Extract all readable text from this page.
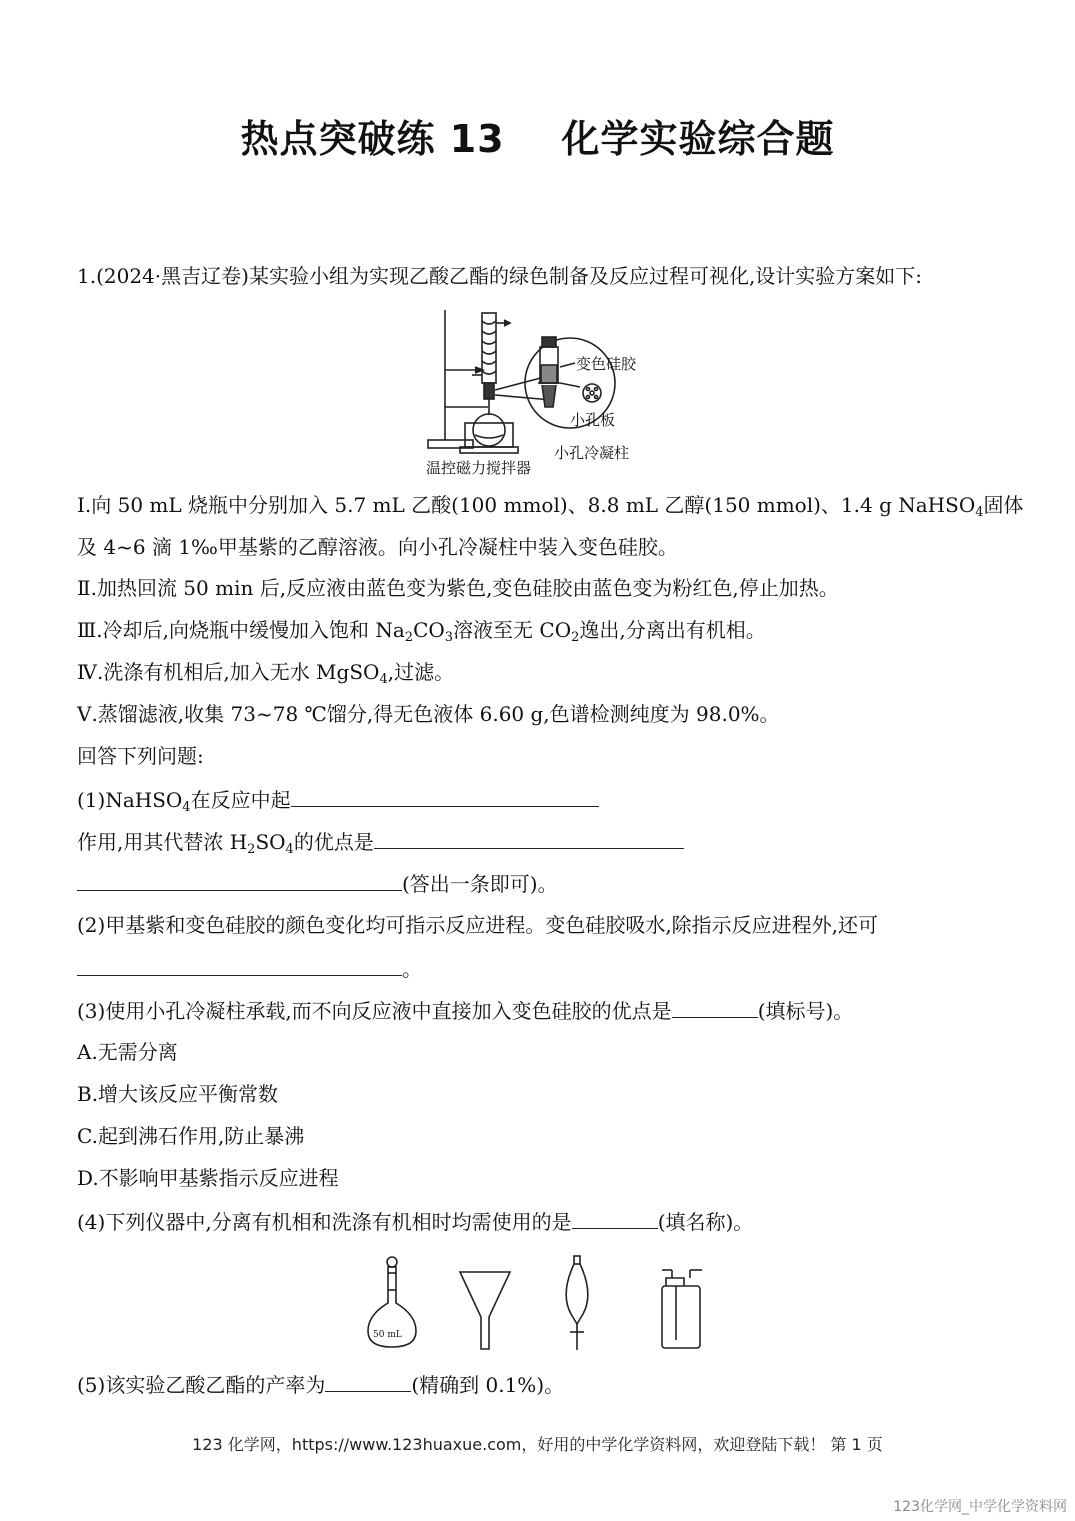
热点突破练 13    化学实验综合题
1.(2024·黑吉辽卷)某实验小组为实现乙酸乙酯的绿色制备及反应过程可视化,设计实验方案如下:
变色硅胶
小孔板
温控磁力搅拌器
小孔冷凝柱
Ⅰ.向 50 mL 烧瓶中分别加入 5.7 mL 乙酸(100 mmol)、8.8 mL 乙醇(150 mmol)、1.4 g NaHSO$_4$固体
及 4~6 滴 1‰甲基紫的乙醇溶液。向小孔冷凝柱中装入变色硅胶。
Ⅱ.加热回流 50 min 后,反应液由蓝色变为紫色,变色硅胶由蓝色变为粉红色,停止加热。
Ⅲ.冷却后,向烧瓶中缓慢加入饱和 $Na_2CO_3$溶液至无 $CO_2$逸出,分离出有机相。
Ⅳ.洗涤有机相后,加入无水 MgSO$_4$,过滤。
Ⅴ.蒸馏滤液,收集 73~78 ℃馏分,得无色液体 6.60 g,色谱检测纯度为 98.0%。
回答下列问题:
(1)NaHSO$_4$在反应中起
作用,用其代替浓 $H_2SO_4$的优点是
(答出一条即可)。
(2)甲基紫和变色硅胶的颜色变化均可指示反应进程。变色硅胶吸水,除指示反应进程外,还可
。
(3)使用小孔冷凝柱承载,而不向反应液中直接加入变色硅胶的优点是	(填标号)。
A.无需分离
B.增大该反应平衡常数
C.起到沸石作用,防止暴沸
D.不影响甲基紫指示反应进程
(4)下列仪器中,分离有机相和洗涤有机相时均需使用的是	(填名称)。
50 mL
(5)该实验乙酸乙酯的产率为	(精确到 0.1%)。
123 化学网，https://www.123huaxue.com，好用的中学化学资料网，欢迎登陆下载！ 第 1 页
123化学网_中学化学资料网
